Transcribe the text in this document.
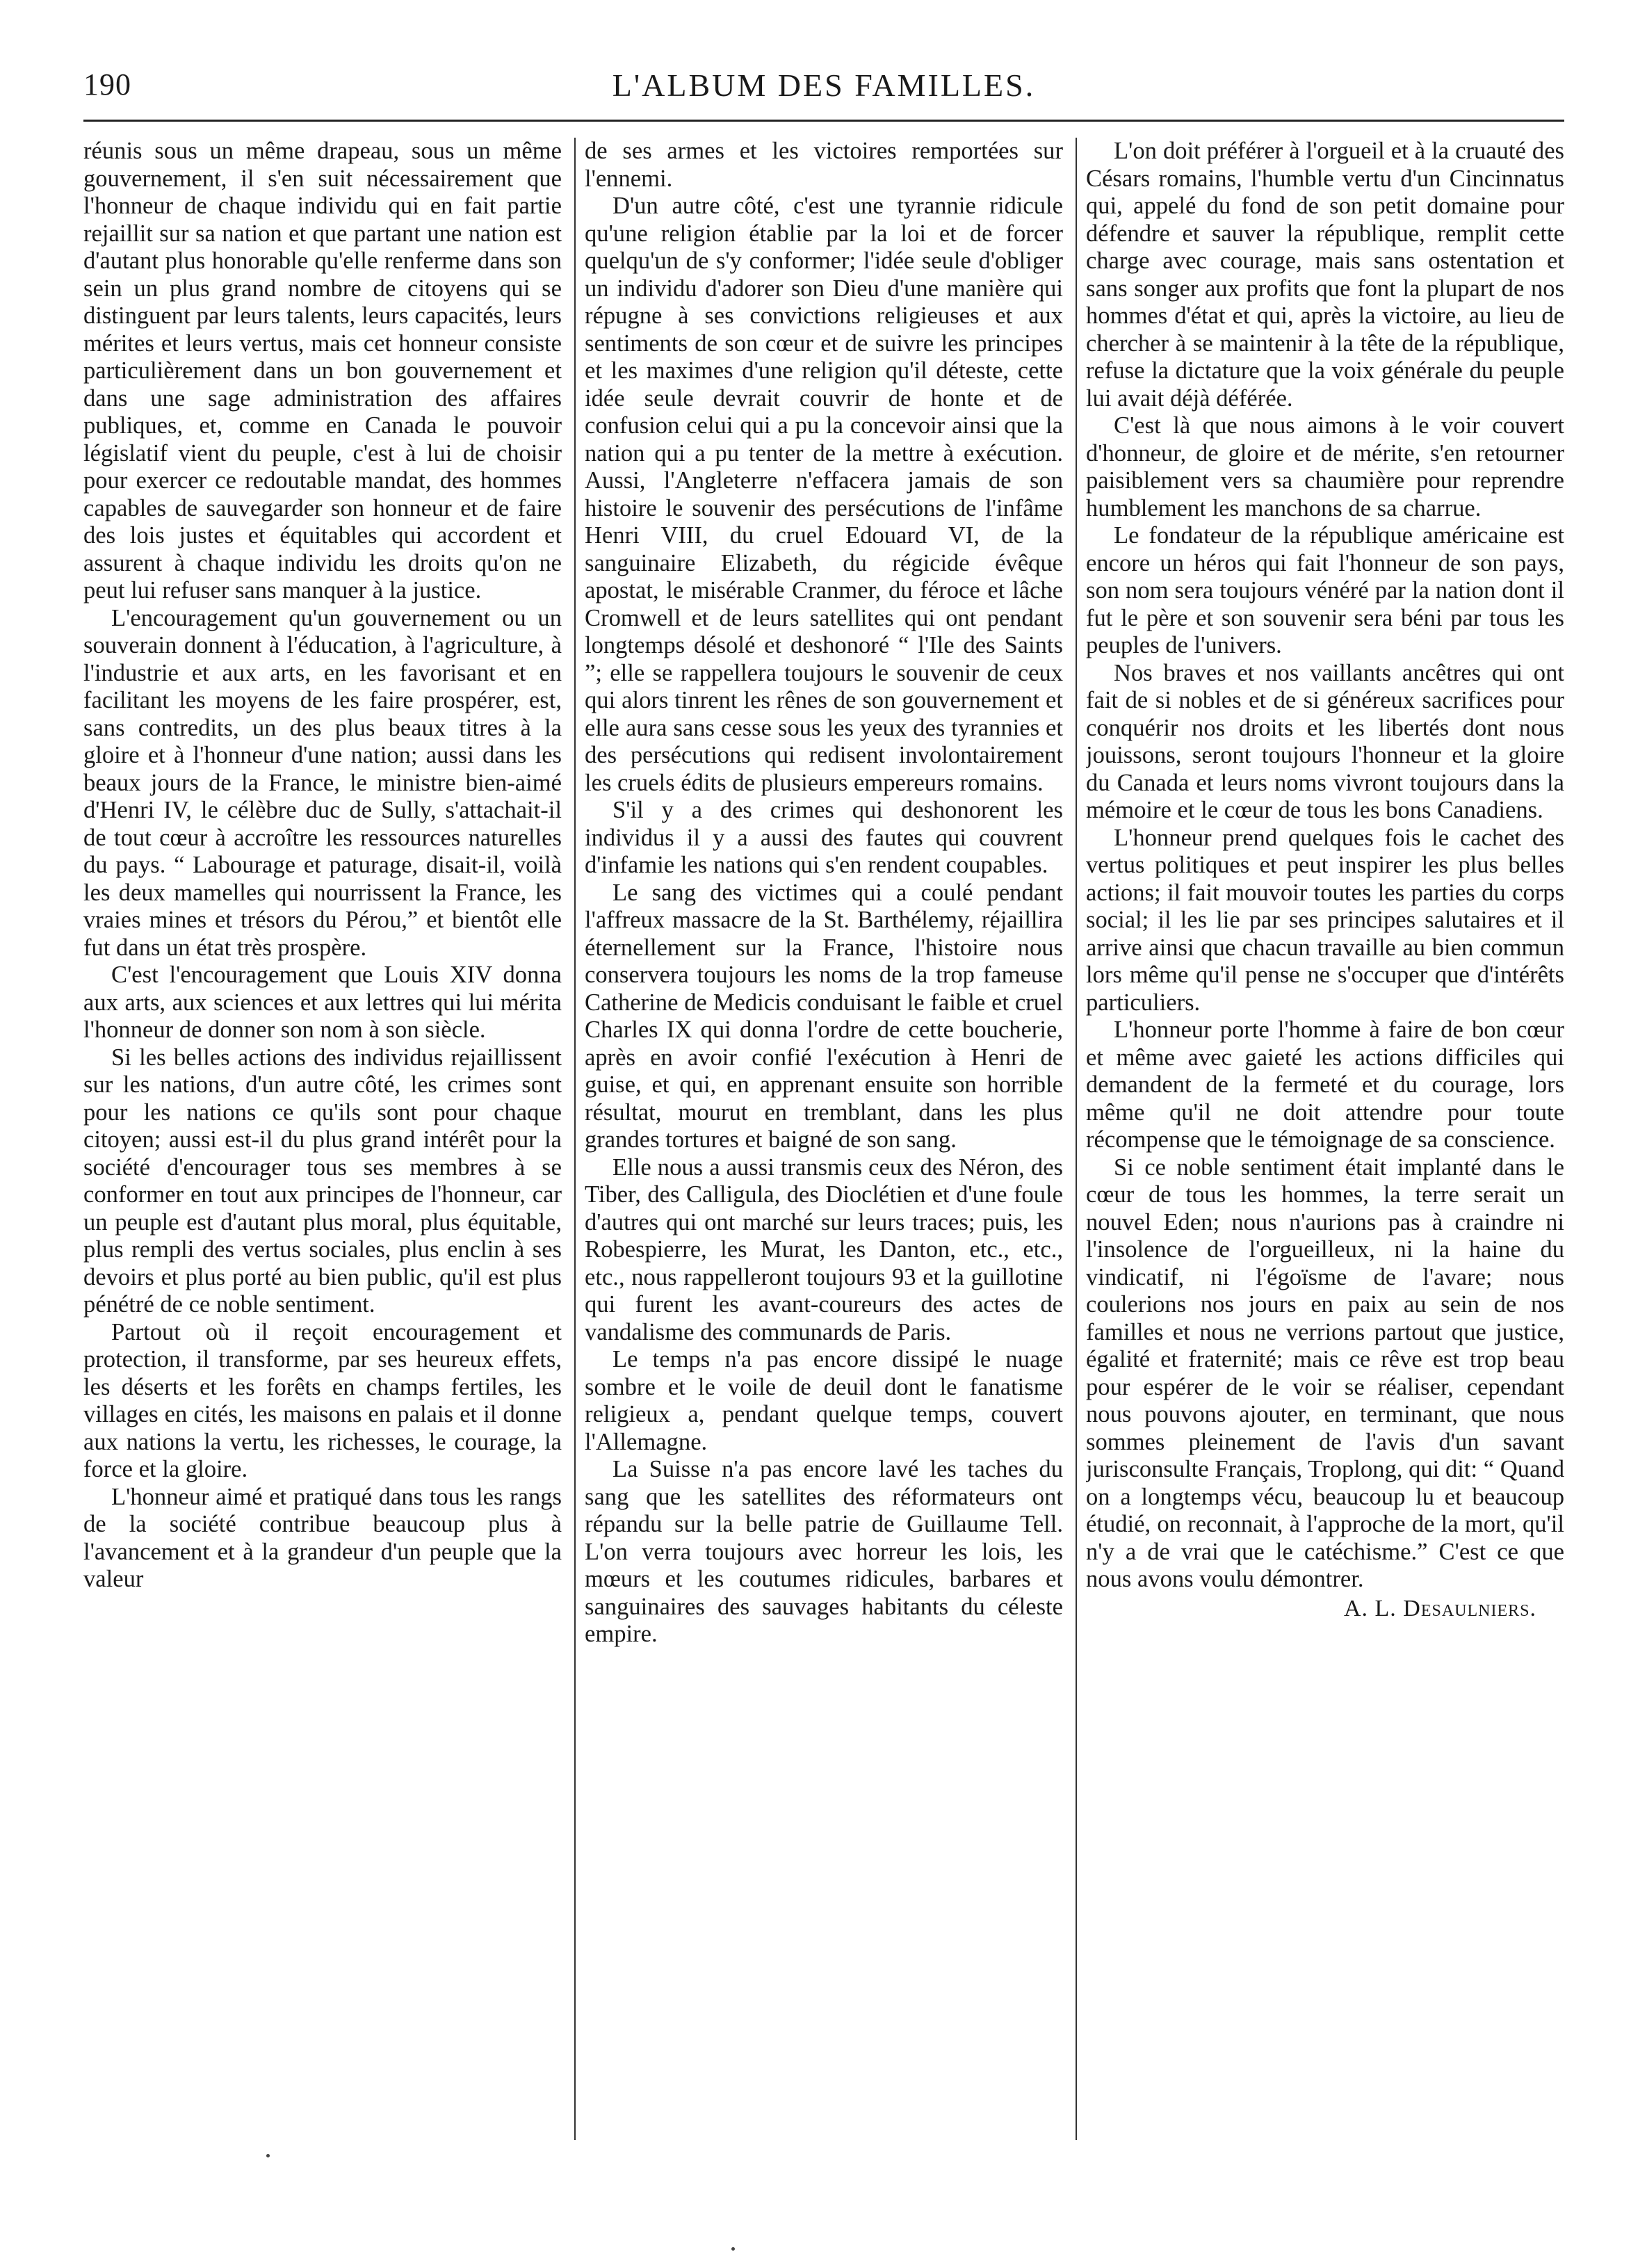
190	L'ALBUM DES FAMILLES.

réunis sous un même drapeau, sous un même gouvernement, il s'en suit nécessairement que l'honneur de chaque individu qui en fait partie rejaillit sur sa nation et que partant une nation est d'autant plus honorable qu'elle renferme dans son sein un plus grand nombre de citoyens qui se distinguent par leurs talents, leurs capacités, leurs mérites et leurs vertus, mais cet honneur consiste particulièrement dans un bon gouvernement et dans une sage administration des affaires publiques, et, comme en Canada le pouvoir législatif vient du peuple, c'est à lui de choisir pour exercer ce redoutable mandat, des hommes capables de sauvegarder son honneur et de faire des lois justes et équitables qui accordent et assurent à chaque individu les droits qu'on ne peut lui refuser sans manquer à la justice.

L'encouragement qu'un gouvernement ou un souverain donnent à l'éducation, à l'agriculture, à l'industrie et aux arts, en les favorisant et en facilitant les moyens de les faire prospérer, est, sans contredits, un des plus beaux titres à la gloire et à l'honneur d'une nation; aussi dans les beaux jours de la France, le ministre bien-aimé d'Henri IV, le célèbre duc de Sully, s'attachait-il de tout cœur à accroître les ressources naturelles du pays. “ Labourage et paturage, disait-il, voilà les deux mamelles qui nourrissent la France, les vraies mines et trésors du Pérou,” et bientôt elle fut dans un état très prospère.

C'est l'encouragement que Louis XIV donna aux arts, aux sciences et aux lettres qui lui mérita l'honneur de donner son nom à son siècle.

Si les belles actions des individus rejaillissent sur les nations, d'un autre côté, les crimes sont pour les nations ce qu'ils sont pour chaque citoyen; aussi est-il du plus grand intérêt pour la société d'encourager tous ses membres à se conformer en tout aux principes de l'honneur, car un peuple est d'autant plus moral, plus équitable, plus rempli des vertus sociales, plus enclin à ses devoirs et plus porté au bien public, qu'il est plus pénétré de ce noble sentiment.

Partout où il reçoit encouragement et protection, il transforme, par ses heureux effets, les déserts et les forêts en champs fertiles, les villages en cités, les maisons en palais et il donne aux nations la vertu, les richesses, le courage, la force et la gloire.

L'honneur aimé et pratiqué dans tous les rangs de la société contribue beaucoup plus à l'avancement et à la grandeur d'un peuple que la valeur

de ses armes et les victoires remportées sur l'ennemi.

D'un autre côté, c'est une tyrannie ridicule qu'une religion établie par la loi et de forcer quelqu'un de s'y conformer; l'idée seule d'obliger un individu d'adorer son Dieu d'une manière qui répugne à ses convictions religieuses et aux sentiments de son cœur et de suivre les principes et les maximes d'une religion qu'il déteste, cette idée seule devrait couvrir de honte et de confusion celui qui a pu la concevoir ainsi que la nation qui a pu tenter de la mettre à exécution. Aussi, l'Angleterre n'effacera jamais de son histoire le souvenir des persécutions de l'infâme Henri VIII, du cruel Edouard VI, de la sanguinaire Elizabeth, du régicide évêque apostat, le misérable Cranmer, du féroce et lâche Cromwell et de leurs satellites qui ont pendant longtemps désolé et deshonoré “ l'Ile des Saints ”; elle se rappellera toujours le souvenir de ceux qui alors tinrent les rênes de son gouvernement et elle aura sans cesse sous les yeux des tyrannies et des persécutions qui redisent involontairement les cruels édits de plusieurs empereurs romains.

S'il y a des crimes qui deshonorent les individus il y a aussi des fautes qui couvrent d'infamie les nations qui s'en rendent coupables.

Le sang des victimes qui a coulé pendant l'affreux massacre de la St. Barthélemy, réjaillira éternellement sur la France, l'histoire nous conservera toujours les noms de la trop fameuse Catherine de Medicis conduisant le faible et cruel Charles IX qui donna l'ordre de cette boucherie, après en avoir confié l'exécution à Henri de guise, et qui, en apprenant ensuite son horrible résultat, mourut en tremblant, dans les plus grandes tortures et baigné de son sang.

Elle nous a aussi transmis ceux des Néron, des Tiber, des Calligula, des Dioclétien et d'une foule d'autres qui ont marché sur leurs traces; puis, les Robespierre, les Murat, les Danton, etc., etc., etc., nous rappelleront toujours 93 et la guillotine qui furent les avant-coureurs des actes de vandalisme des communards de Paris.

Le temps n'a pas encore dissipé le nuage sombre et le voile de deuil dont le fanatisme religieux a, pendant quelque temps, couvert l'Allemagne.

La Suisse n'a pas encore lavé les taches du sang que les satellites des réformateurs ont répandu sur la belle patrie de Guillaume Tell. L'on verra toujours avec horreur les lois, les mœurs et les coutumes ridicules, barbares et sanguinaires des sauvages habitants du céleste empire.

L'on doit préférer à l'orgueil et à la cruauté des Césars romains, l'humble vertu d'un Cincinnatus qui, appelé du fond de son petit domaine pour défendre et sauver la république, remplit cette charge avec courage, mais sans ostentation et sans songer aux profits que font la plupart de nos hommes d'état et qui, après la victoire, au lieu de chercher à se maintenir à la tête de la république, refuse la dictature que la voix générale du peuple lui avait déjà déférée.

C'est là que nous aimons à le voir couvert d'honneur, de gloire et de mérite, s'en retourner paisiblement vers sa chaumière pour reprendre humblement les manchons de sa charrue.

Le fondateur de la république américaine est encore un héros qui fait l'honneur de son pays, son nom sera toujours vénéré par la nation dont il fut le père et son souvenir sera béni par tous les peuples de l'univers.

Nos braves et nos vaillants ancêtres qui ont fait de si nobles et de si généreux sacrifices pour conquérir nos droits et les libertés dont nous jouissons, seront toujours l'honneur et la gloire du Canada et leurs noms vivront toujours dans la mémoire et le cœur de tous les bons Canadiens.

L'honneur prend quelques fois le cachet des vertus politiques et peut inspirer les plus belles actions; il fait mouvoir toutes les parties du corps social; il les lie par ses principes salutaires et il arrive ainsi que chacun travaille au bien commun lors même qu'il pense ne s'occuper que d'intérêts particuliers.

L'honneur porte l'homme à faire de bon cœur et même avec gaieté les actions difficiles qui demandent de la fermeté et du courage, lors même qu'il ne doit attendre pour toute récompense que le témoignage de sa conscience.

Si ce noble sentiment était implanté dans le cœur de tous les hommes, la terre serait un nouvel Eden; nous n'aurions pas à craindre ni l'insolence de l'orgueilleux, ni la haine du vindicatif, ni l'égoïsme de l'avare; nous coulerions nos jours en paix au sein de nos familles et nous ne verrions partout que justice, égalité et fraternité; mais ce rêve est trop beau pour espérer de le voir se réaliser, cependant nous pouvons ajouter, en terminant, que nous sommes pleinement de l'avis d'un savant jurisconsulte Français, Troplong, qui dit: “ Quand on a longtemps vécu, beaucoup lu et beaucoup étudié, on reconnait, à l'approche de la mort, qu'il n'y a de vrai que le catéchisme.” C'est ce que nous avons voulu démontrer.

A. L. Desaulniers.
